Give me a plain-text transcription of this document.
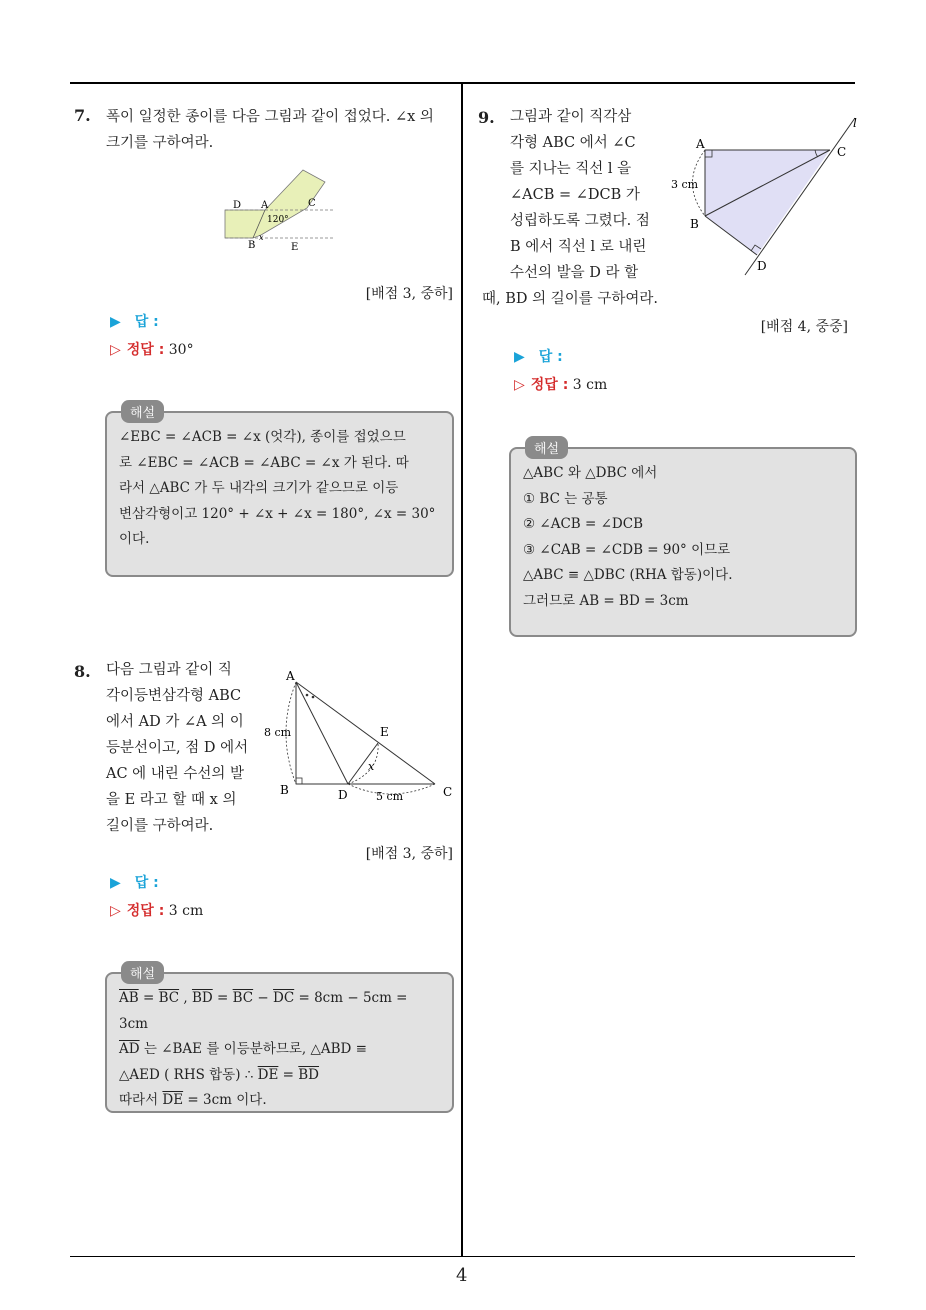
7. 폭이 일정한 종이를 다음 그림과 같이 접었다. ∠x 의
크기를 구하여라.
D A	C
120°
B
x
E
[배점 3, 중하]
▶ 답 :
▷ 정답 : 30°
∠EBC = ∠ACB = ∠x (엇각), 종이를 접었으므
로 ∠EBC = ∠ACB = ∠ABC = ∠x 가 된다. 따
라서 △ABC 가 두 내각의 크기가 같으므로 이등
변삼각형이고 120° + ∠x + ∠x = 180°, ∠x = 30°
이다.
해설
8. 다음 그림과 같이 직
각이등변삼각형 ABC
에서 AD 가 ∠A 의 이
등분선이고, 점 D 에서
AC 에 내린 수선의 발
을 E 라고 할 때 x 의
길이를 구하여라.
A
B	C
D
E
x
8 cm
5 cm
[배점 3, 중하]
▶ 답 :
▷ 정답 : 3 cm
$\overline{AB} = \overline{BC}$ , $\overline{BD} = \overline{BC} - \overline{DC} = 8cm - 5cm = 3cm$
$\overline{AD}$ 는 ∠BAE 를 이등분하므로, △ABD ≡
△AED ( RHS 합동) ∴ $\overline{DE} = \overline{BD}$
따라서 $\overline{DE} = 3cm$ 이다.
해설
9. 그림과 같이 직각삼
각형 ABC 에서 ∠C
를 지나는 직선 l 을
∠ACB = ∠DCB 가
성립하도록 그렸다. 점
B 에서 직선 l 로 내린
수선의 발을 D 라 할
때, BD 의 길이를 구하여라.
A
B
C
D
l
3 cm
[배점 4, 중중]
▶ 답 :
▷ 정답 : 3 cm
△ABC 와 △DBC 에서
① BC 는 공통
② ∠ACB = ∠DCB
③ ∠CAB = ∠CDB = 90° 이므로
△ABC ≡ △DBC (RHA 합동)이다.
그러므로 AB = BD = 3cm
해설
4
